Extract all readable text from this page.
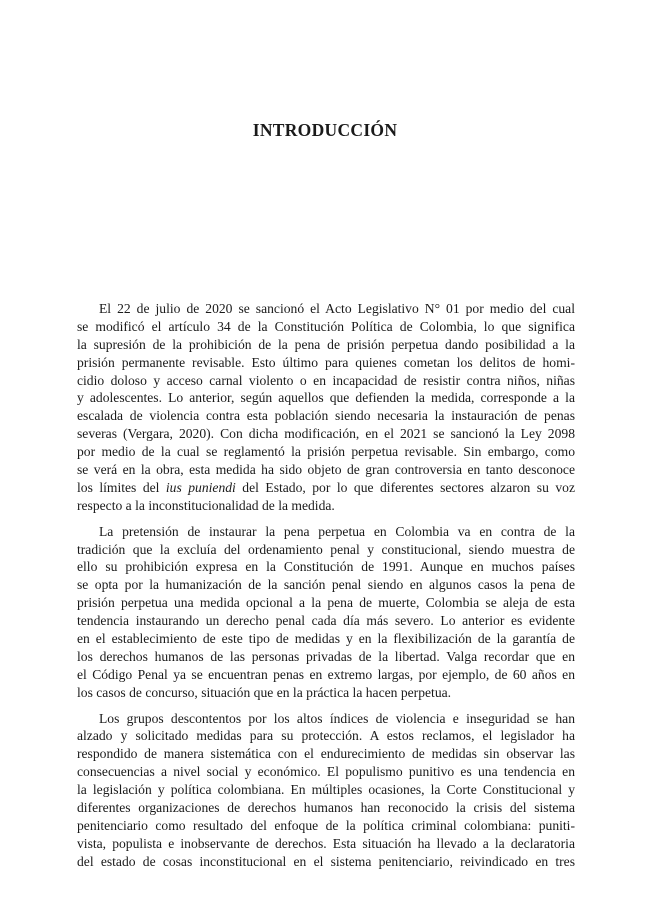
INTRODUCCIÓN
El 22 de julio de 2020 se sancionó el Acto Legislativo N° 01 por medio del cual
se modificó el artículo 34 de la Constitución Política de Colombia, lo que significa
la supresión de la prohibición de la pena de prisión perpetua dando posibilidad a la
prisión permanente revisable. Esto último para quienes cometan los delitos de homi-
cidio doloso y acceso carnal violento o en incapacidad de resistir contra niños, niñas
y adolescentes. Lo anterior, según aquellos que defienden la medida, corresponde a la
escalada de violencia contra esta población siendo necesaria la instauración de penas
severas (Vergara, 2020). Con dicha modificación, en el 2021 se sancionó la Ley 2098
por medio de la cual se reglamentó la prisión perpetua revisable. Sin embargo, como
se verá en la obra, esta medida ha sido objeto de gran controversia en tanto desconoce
los límites del ius puniendi del Estado, por lo que diferentes sectores alzaron su voz
respecto a la inconstitucionalidad de la medida.
La pretensión de instaurar la pena perpetua en Colombia va en contra de la
tradición que la excluía del ordenamiento penal y constitucional, siendo muestra de
ello su prohibición expresa en la Constitución de 1991. Aunque en muchos países
se opta por la humanización de la sanción penal siendo en algunos casos la pena de
prisión perpetua una medida opcional a la pena de muerte, Colombia se aleja de esta
tendencia instaurando un derecho penal cada día más severo. Lo anterior es evidente
en el establecimiento de este tipo de medidas y en la flexibilización de la garantía de
los derechos humanos de las personas privadas de la libertad. Valga recordar que en
el Código Penal ya se encuentran penas en extremo largas, por ejemplo, de 60 años en
los casos de concurso, situación que en la práctica la hacen perpetua.
Los grupos descontentos por los altos índices de violencia e inseguridad se han
alzado y solicitado medidas para su protección. A estos reclamos, el legislador ha
respondido de manera sistemática con el endurecimiento de medidas sin observar las
consecuencias a nivel social y económico. El populismo punitivo es una tendencia en
la legislación y política colombiana. En múltiples ocasiones, la Corte Constitucional y
diferentes organizaciones de derechos humanos han reconocido la crisis del sistema
penitenciario como resultado del enfoque de la política criminal colombiana: puniti-
vista, populista e inobservante de derechos. Esta situación ha llevado a la declaratoria
del estado de cosas inconstitucional en el sistema penitenciario, reivindicado en tres
